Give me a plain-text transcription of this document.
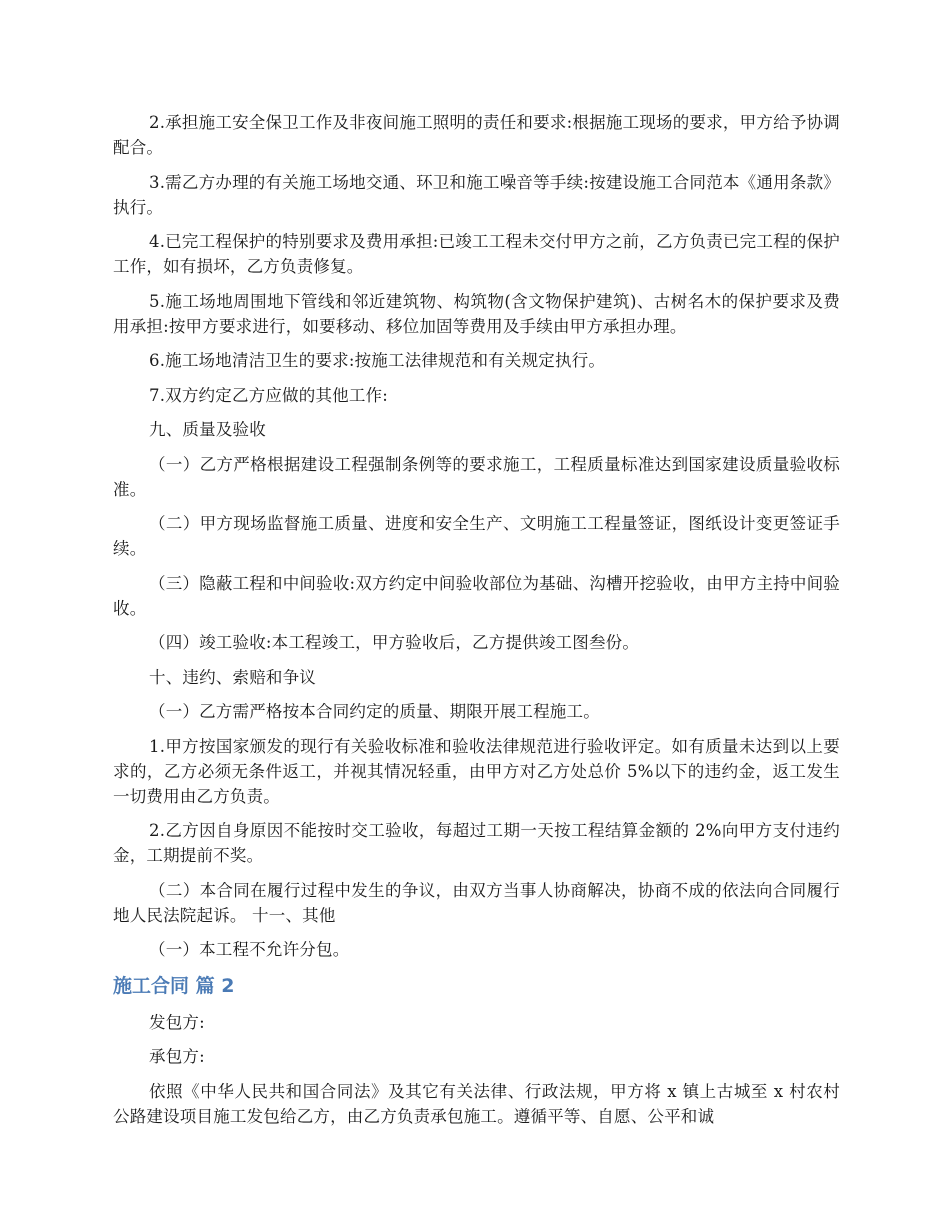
2.承担施工安全保卫工作及非夜间施工照明的责任和要求:根据施工现场的要求，甲方给予协调配合。

3.需乙方办理的有关施工场地交通、环卫和施工噪音等手续:按建设施工合同范本《通用条款》执行。

4.已完工程保护的特别要求及费用承担:已竣工工程未交付甲方之前，乙方负责已完工程的保护工作，如有损坏，乙方负责修复。

5.施工场地周围地下管线和邻近建筑物、构筑物(含文物保护建筑)、古树名木的保护要求及费用承担:按甲方要求进行，如要移动、移位加固等费用及手续由甲方承担办理。

6.施工场地清洁卫生的要求:按施工法律规范和有关规定执行。

7.双方约定乙方应做的其他工作:

九、质量及验收

（一）乙方严格根据建设工程强制条例等的要求施工，工程质量标准达到国家建设质量验收标准。

（二）甲方现场监督施工质量、进度和安全生产、文明施工工程量签证，图纸设计变更签证手续。

（三）隐蔽工程和中间验收:双方约定中间验收部位为基础、沟槽开挖验收，由甲方主持中间验收。

（四）竣工验收:本工程竣工，甲方验收后，乙方提供竣工图叁份。

十、违约、索赔和争议

（一）乙方需严格按本合同约定的质量、期限开展工程施工。

1.甲方按国家颁发的现行有关验收标准和验收法律规范进行验收评定。如有质量未达到以上要求的，乙方必须无条件返工，并视其情况轻重，由甲方对乙方处总价 5%以下的违约金，返工发生一切费用由乙方负责。

2.乙方因自身原因不能按时交工验收，每超过工期一天按工程结算金额的 2%向甲方支付违约金，工期提前不奖。

（二）本合同在履行过程中发生的争议，由双方当事人协商解决，协商不成的依法向合同履行地人民法院起诉。 十一、其他

（一）本工程不允许分包。

施工合同 篇 2

发包方:

承包方:

依照《中华人民共和国合同法》及其它有关法律、行政法规，甲方将 x 镇上古城至 x 村农村公路建设项目施工发包给乙方，由乙方负责承包施工。遵循平等、自愿、公平和诚
